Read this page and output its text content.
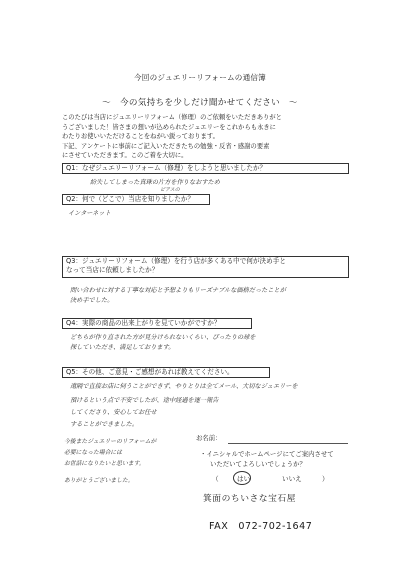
今回のジュエリーリフォームの通信簿
～　今の気持ちを少しだけ聞かせてください　～
このたびは当店にジュエリーリフォーム（修理）のご依頼をいただきありがと
うございました！皆さまの想いが込められたジュエリーをこれからも永きに
わたりお使いいただけることをねがい鋭っております。
下記、アンケートに事前にご記入いただきたちの勉強・反省・感謝の要素
にさせていただきます。このご着を大切に。
Q1：なぜジュエリーリフォーム（修理）をしようと思いましたか？
紛失してしまった真珠の片方を作りなおすため
ピアスの
Q2：何で（どこで）当店を知りましたか？
インターネット
Q3：ジュエリーリフォーム（修理）を行う店が多くある中で何が決め手と
なって当店に依頼しましたか？
問い合わせに対する丁寧な対応と予想よりもリーズナブルな価格だったことが
決め手でした。
Q4：実際の商品の出来上がりを見ていかがですか？
どちらが作り直された方が見分けられないくらい、ぴったりの球を
探していただき、満足しております。
Q5：その他、ご意見・ご感想があれば教えてください。
遠隔で直接お店に伺うことができず、やりとりは全てメール、大切なジュエリーを
預けるという点で不安でしたが、途中経過を逐一報告
してくださり、安心してお任せ
することができました。
お名前：
・イニシャルでホームページにてご案内させて
いただいてよろしいでしょうか？
（	はい	いいえ	）
今後またジュエリーのリフォームが
必要になった場合には
お世話になりたいと思います。
ありがとうございました。
箕面のちいさな宝石屋
FAX　072-702-1647
